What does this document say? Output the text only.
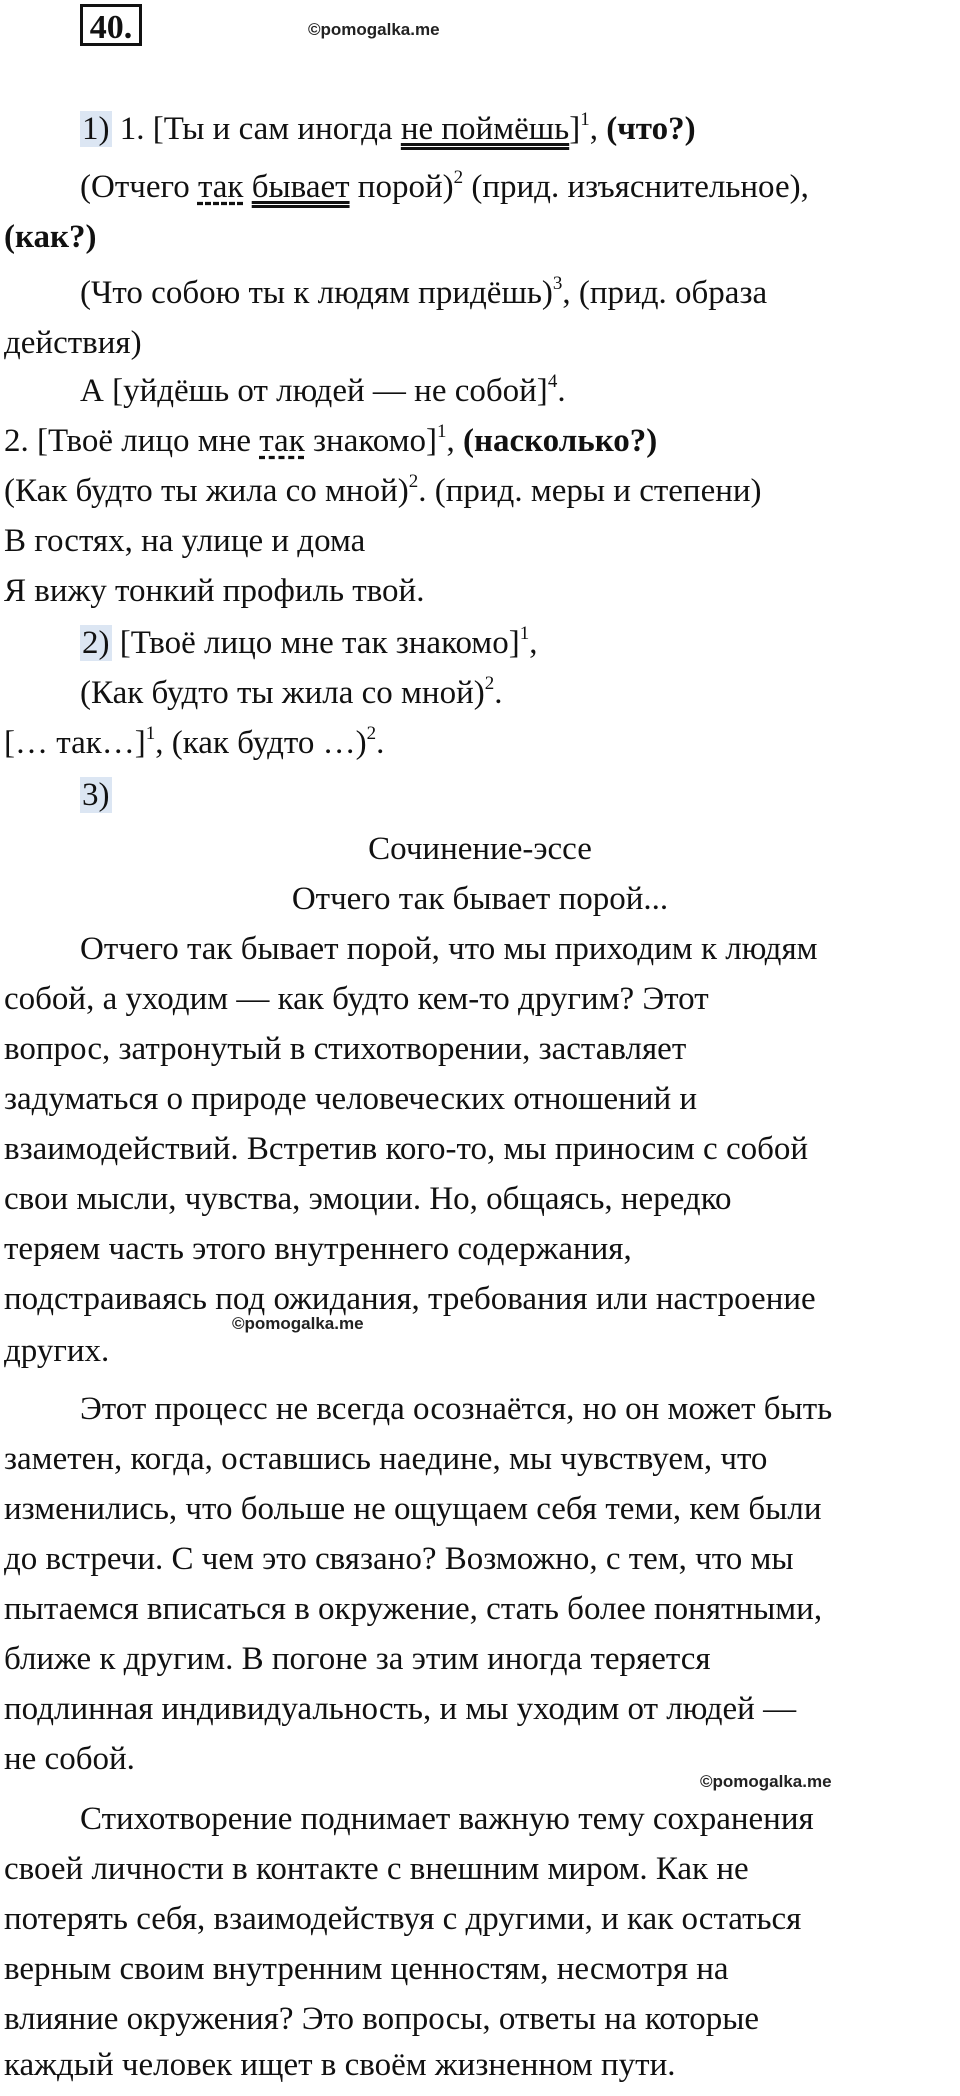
40.	©pomogalka.me

1) 1. [Ты и сам иногда не поймёшь]$^1$, (что?)

(Отчего так бывает порой)$^2$ (прид. изъяснительное),

(как?)

(Что собою ты к людям придёшь)$^3$, (прид. образа

действия)

А [уйдёшь от людей — не собой]$^4$.

2. [Твоё лицо мне так знакомо]$^1$, (насколько?)

(Как будто ты жила со мной)$^2$. (прид. меры и степени)

В гостях, на улице и дома

Я вижу тонкий профиль твой.

2) [Твоё лицо мне так знакомо]$^1$,

(Как будто ты жила со мной)$^2$.

[… так…]$^1$, (как будто …)$^2$.

3)

Сочинение-эссе

Отчего так бывает порой...

Отчего так бывает порой, что мы приходим к людям

собой, а уходим — как будто кем-то другим? Этот

вопрос, затронутый в стихотворении, заставляет

задуматься о природе человеческих отношений и

взаимодействий. Встретив кого-то, мы приносим с собой

свои мысли, чувства, эмоции. Но, общаясь, нередко

теряем часть этого внутреннего содержания,

подстраиваясь под ожидания, требования или настроение

©pomogalka.me

других.

Этот процесс не всегда осознаётся, но он может быть

заметен, когда, оставшись наедине, мы чувствуем, что

изменились, что больше не ощущаем себя теми, кем были

до встречи. С чем это связано? Возможно, с тем, что мы

пытаемся вписаться в окружение, стать более понятными,

ближе к другим. В погоне за этим иногда теряется

подлинная индивидуальность, и мы уходим от людей —

не собой.

©pomogalka.me

Стихотворение поднимает важную тему сохранения

своей личности в контакте с внешним миром. Как не

потерять себя, взаимодействуя с другими, и как остаться

верным своим внутренним ценностям, несмотря на

влияние окружения? Это вопросы, ответы на которые

каждый человек ищет в своём жизненном пути.
